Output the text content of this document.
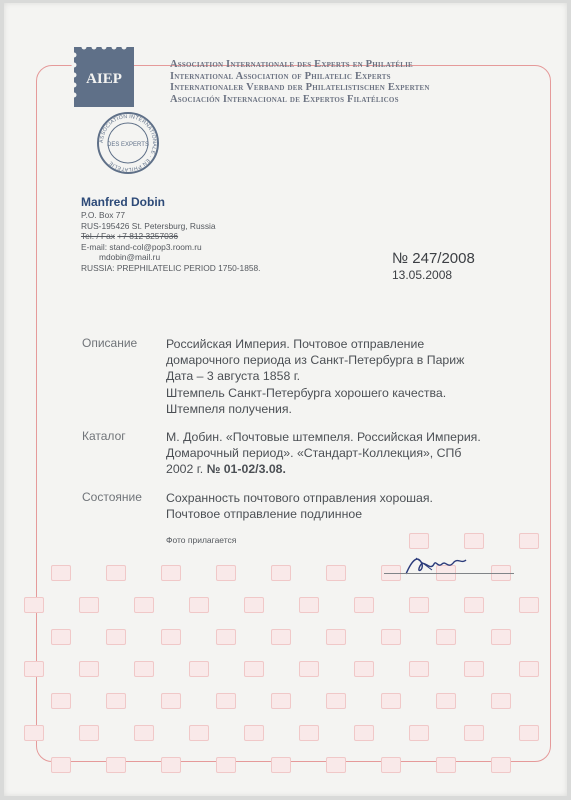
AIEP
DES EXPERTS
ASSOCIATION INTERNATIONALE · EN PHILATÉLIE
Association Internationale des Experts en Philatélie
International Association of Philatelic Experts
Internationaler Verband der Philatelistischen Experten
Asociación Internacional de Expertos Filatélicos
Manfred Dobin
P.O. Box 77
RUS-195426 St. Petersburg, Russia
Tel. / Fax +7 812 3257036
E-mail: stand-col@pop3.room.ru
mdobin@mail.ru
RUSSIA: PREPHILATELIC PERIOD 1750-1858.
№ 247/2008
13.05.2008
Описание Российская Империя. Почтовое отправление
домарочного периода из Санкт-Петербурга в Париж
Дата – 3 августа 1858 г.
Штемпель Санкт-Петербурга хорошего качества.
Штемпеля получения.
Каталог	М. Добин. «Почтовые штемпеля. Российская Империя.
Домарочный период». «Стандарт-Коллекция», СПб
2002 г. № 01-02/3.08.
Состояние Сохранность почтового отправления хорошая.
Почтовое отправление подлинное
Фото прилагается
